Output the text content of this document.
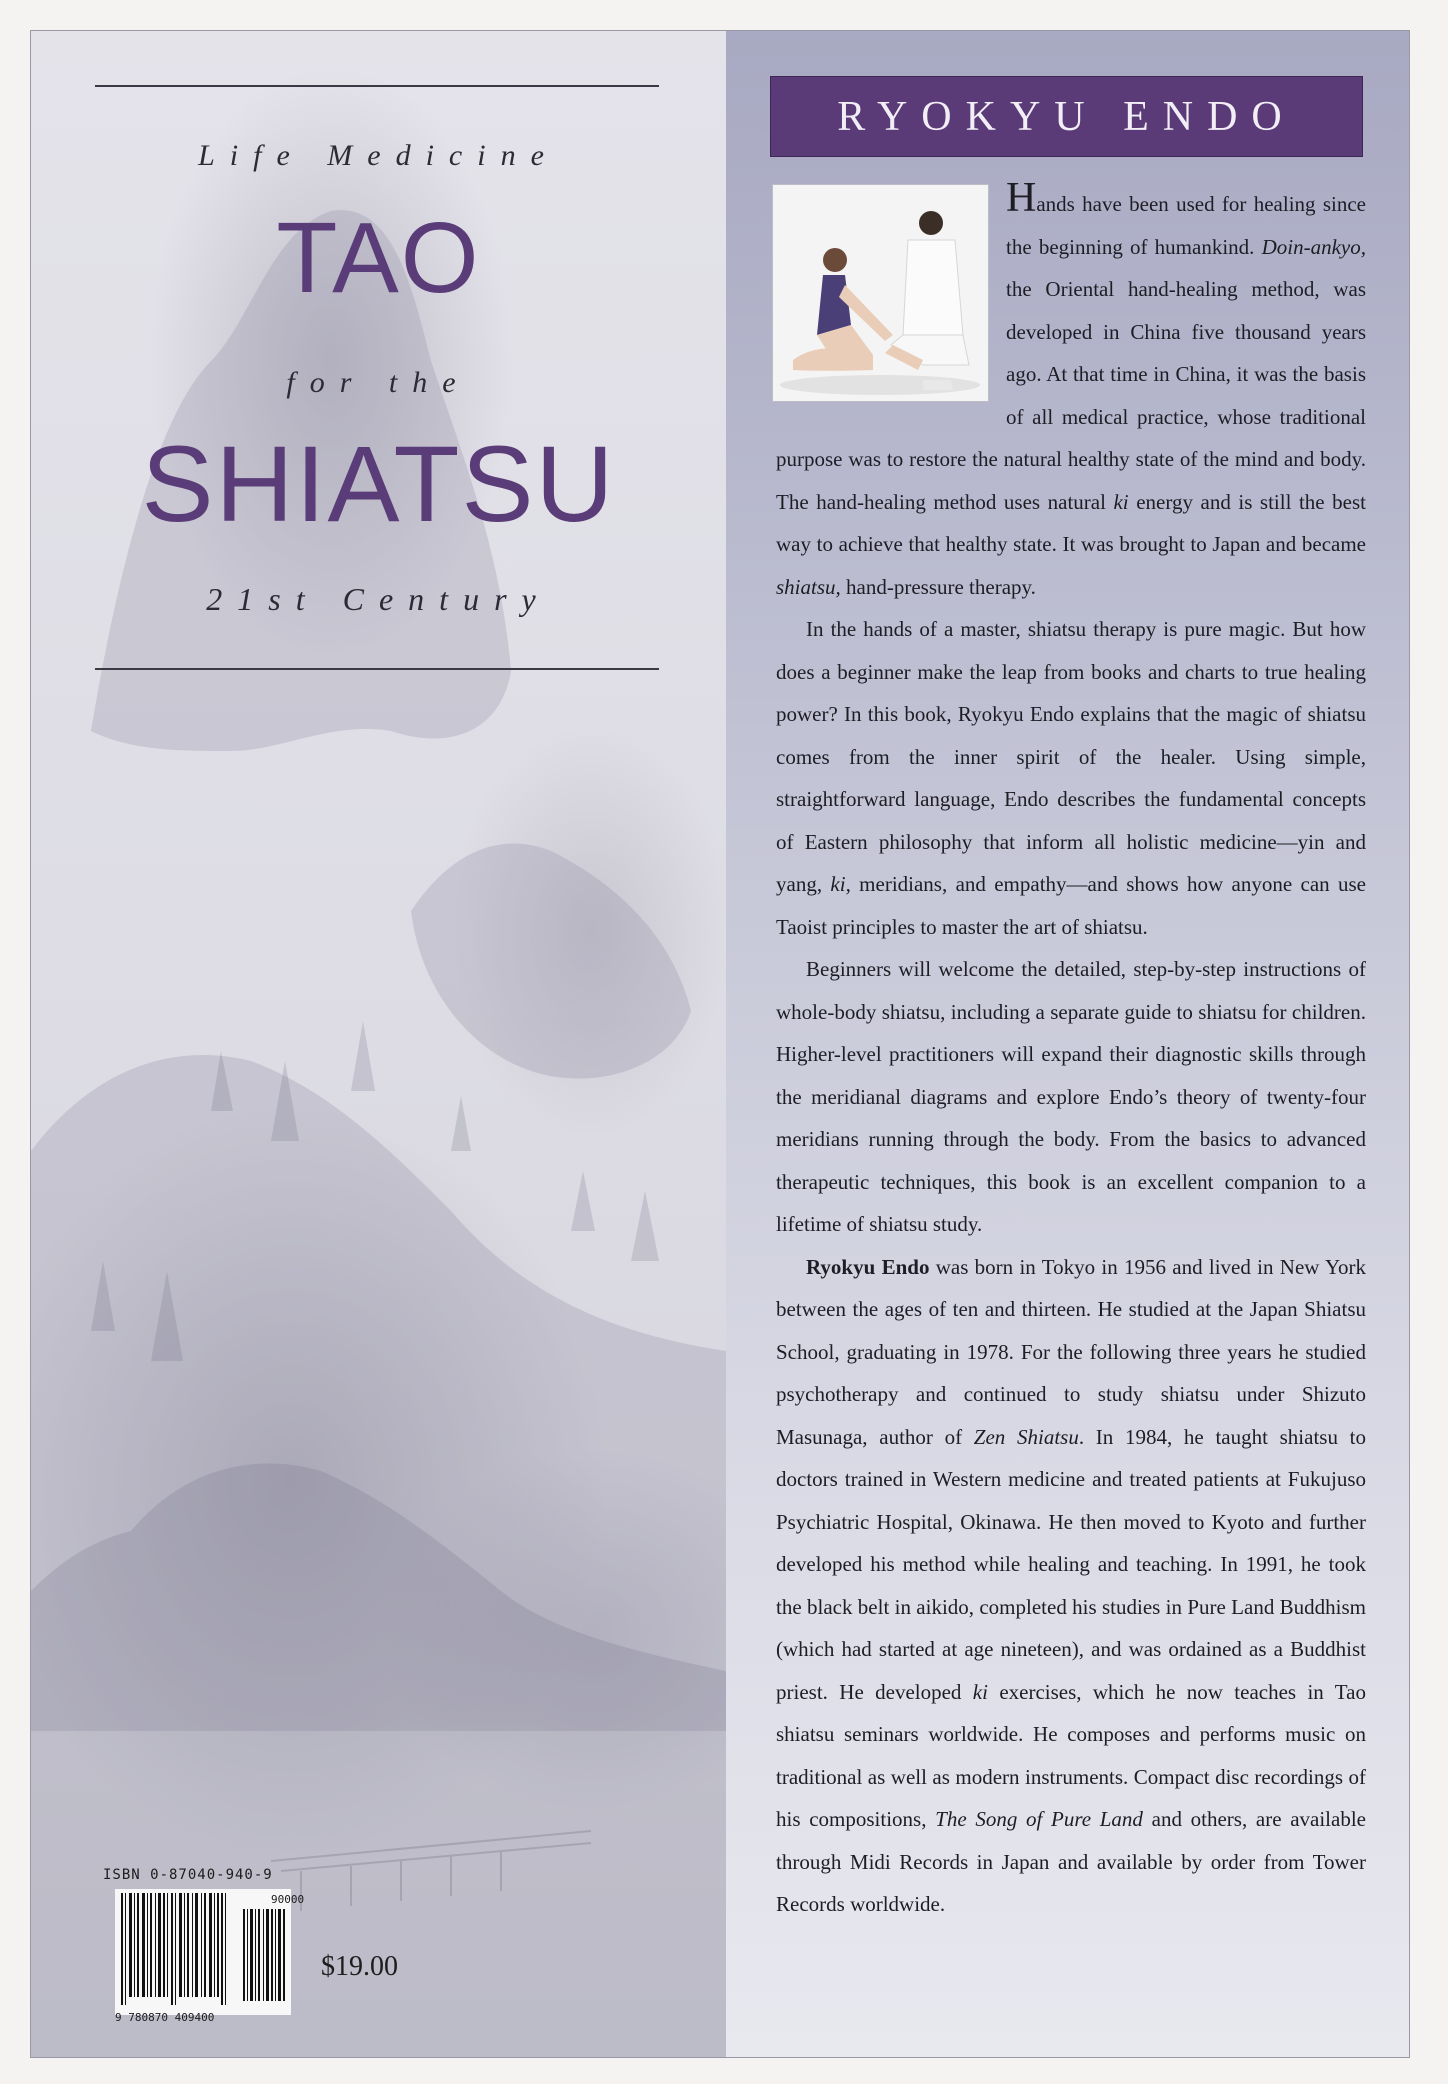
Life Medicine
TAO
for the
SHIATSU
21st Century
ISBN 0-87040-940-9
90000
9 780870 409400
$19.00
RYOKYU ENDO

Hands have been used for healing since the beginning of humankind. Doin-ankyo, the Oriental hand-healing method, was developed in China five thousand years ago. At that time in China, it was the basis of all medical practice, whose traditional purpose was to restore the natural healthy state of the mind and body. The hand-healing method uses natural ki energy and is still the best way to achieve that healthy state. It was brought to Japan and became shiatsu, hand-pressure therapy.

In the hands of a master, shiatsu therapy is pure magic. But how does a beginner make the leap from books and charts to true healing power? In this book, Ryokyu Endo explains that the magic of shiatsu comes from the inner spirit of the healer. Using simple, straightforward language, Endo describes the fundamental concepts of Eastern philosophy that inform all holistic medicine—yin and yang, ki, meridians, and empathy—and shows how anyone can use Taoist principles to master the art of shiatsu.

Beginners will welcome the detailed, step-by-step instructions of whole-body shiatsu, including a separate guide to shiatsu for children. Higher-level practitioners will expand their diagnostic skills through the meridianal diagrams and explore Endo’s theory of twenty-four meridians running through the body. From the basics to advanced therapeutic techniques, this book is an excellent companion to a lifetime of shiatsu study.

Ryokyu Endo was born in Tokyo in 1956 and lived in New York between the ages of ten and thirteen. He studied at the Japan Shiatsu School, graduating in 1978. For the following three years he studied psychotherapy and continued to study shiatsu under Shizuto Masunaga, author of Zen Shiatsu. In 1984, he taught shiatsu to doctors trained in Western medicine and treated patients at Fukujuso Psychiatric Hospital, Okinawa. He then moved to Kyoto and further developed his method while healing and teaching. In 1991, he took the black belt in aikido, completed his studies in Pure Land Buddhism (which had started at age nineteen), and was ordained as a Buddhist priest. He developed ki exercises, which he now teaches in Tao shiatsu seminars worldwide. He composes and performs music on traditional as well as modern instruments. Compact disc recordings of his compositions, The Song of Pure Land and others, are available through Midi Records in Japan and available by order from Tower Records worldwide.
